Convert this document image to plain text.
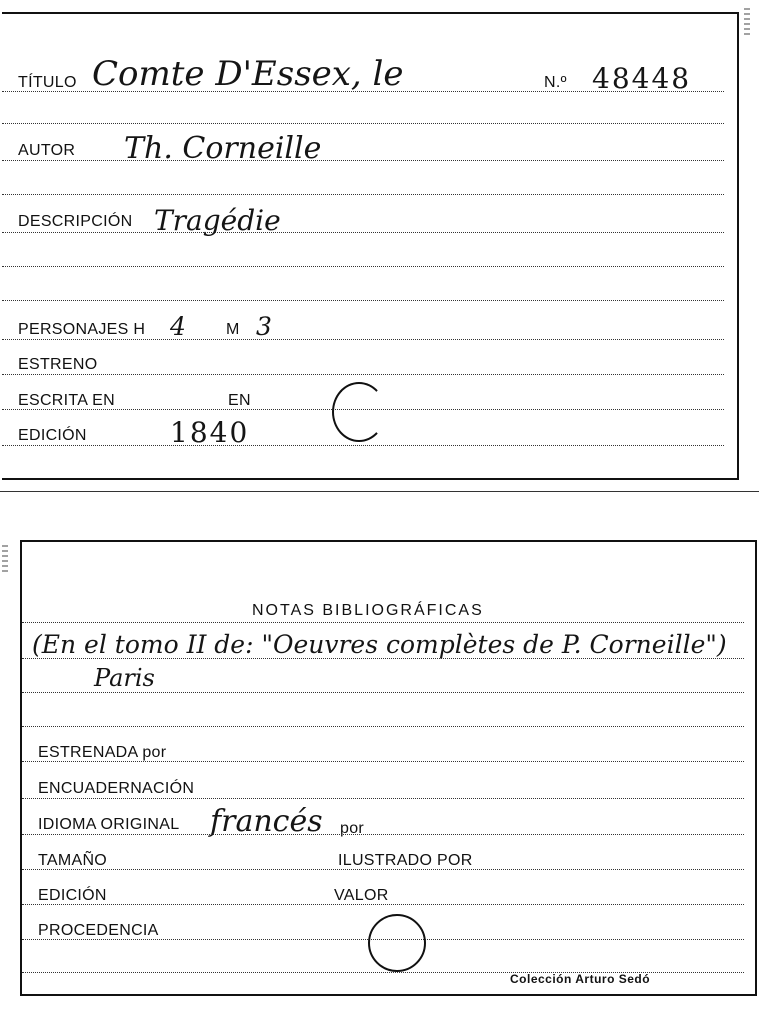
TÍTULO Comte D'Essex, le	N.º 48448
AUTOR Th. Corneille
DESCRIPCIÓN Tragédie
PERSONAJES H 4	M 3
ESTRENO
ESCRITA EN	EN
EDICIÓN	1840
NOTAS BIBLIOGRÁFICAS
(En el tomo II de: "Oeuvres complètes de P. Corneille")
Paris
ESTRENADA por
ENCUADERNACIÓN
IDIOMA ORIGINAL francés por
TAMAÑO	ILUSTRADO POR
EDICIÓN	VALOR
PROCEDENCIA
Colección Arturo Sedó
